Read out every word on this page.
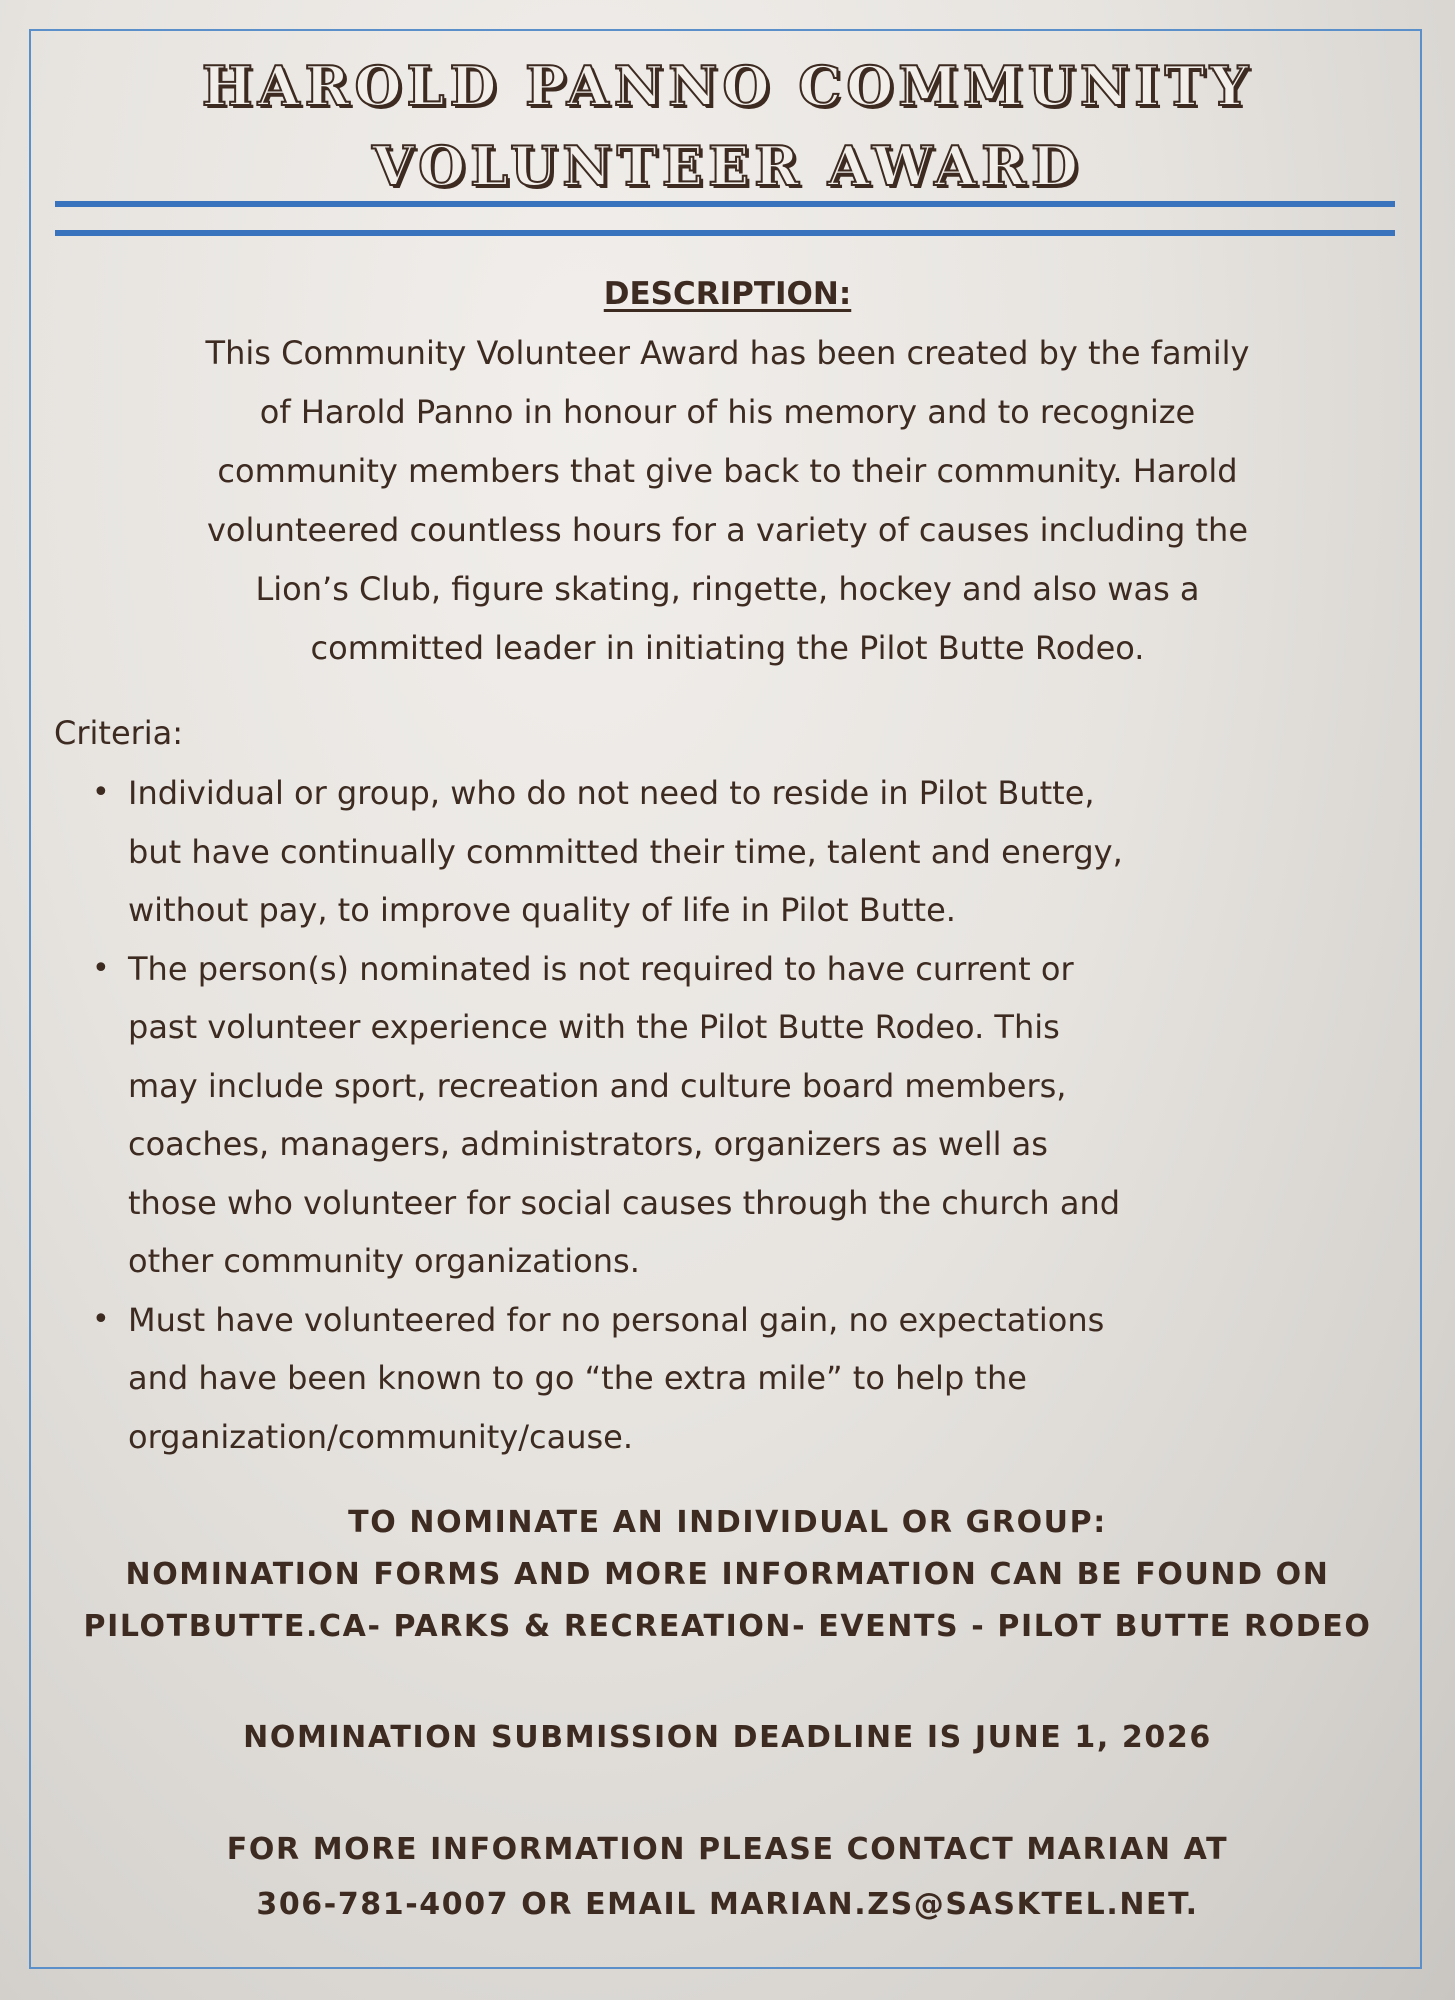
HAROLD PANNO COMMUNITY
VOLUNTEER AWARD
DESCRIPTION:
This Community Volunteer Award has been created by the family
of Harold Panno in honour of his memory and to recognize
community members that give back to their community. Harold
volunteered countless hours for a variety of causes including the
Lion’s Club, figure skating, ringette, hockey and also was a
committed leader in initiating the Pilot Butte Rodeo.
Criteria:
• Individual or group, who do not need to reside in Pilot Butte,
but have continually committed their time, talent and energy,
without pay, to improve quality of life in Pilot Butte.
• The person(s) nominated is not required to have current or
past volunteer experience with the Pilot Butte Rodeo. This
may include sport, recreation and culture board members,
coaches, managers, administrators, organizers as well as
those who volunteer for social causes through the church and
other community organizations.
• Must have volunteered for no personal gain, no expectations
and have been known to go “the extra mile” to help the
organization/community/cause.
TO NOMINATE AN INDIVIDUAL OR GROUP:
NOMINATION FORMS AND MORE INFORMATION CAN BE FOUND ON
PILOTBUTTE.CA- PARKS & RECREATION- EVENTS - PILOT BUTTE RODEO
NOMINATION SUBMISSION DEADLINE IS JUNE 1, 2026
FOR MORE INFORMATION PLEASE CONTACT MARIAN AT
306-781-4007 OR EMAIL MARIAN.ZS@SASKTEL.NET.
